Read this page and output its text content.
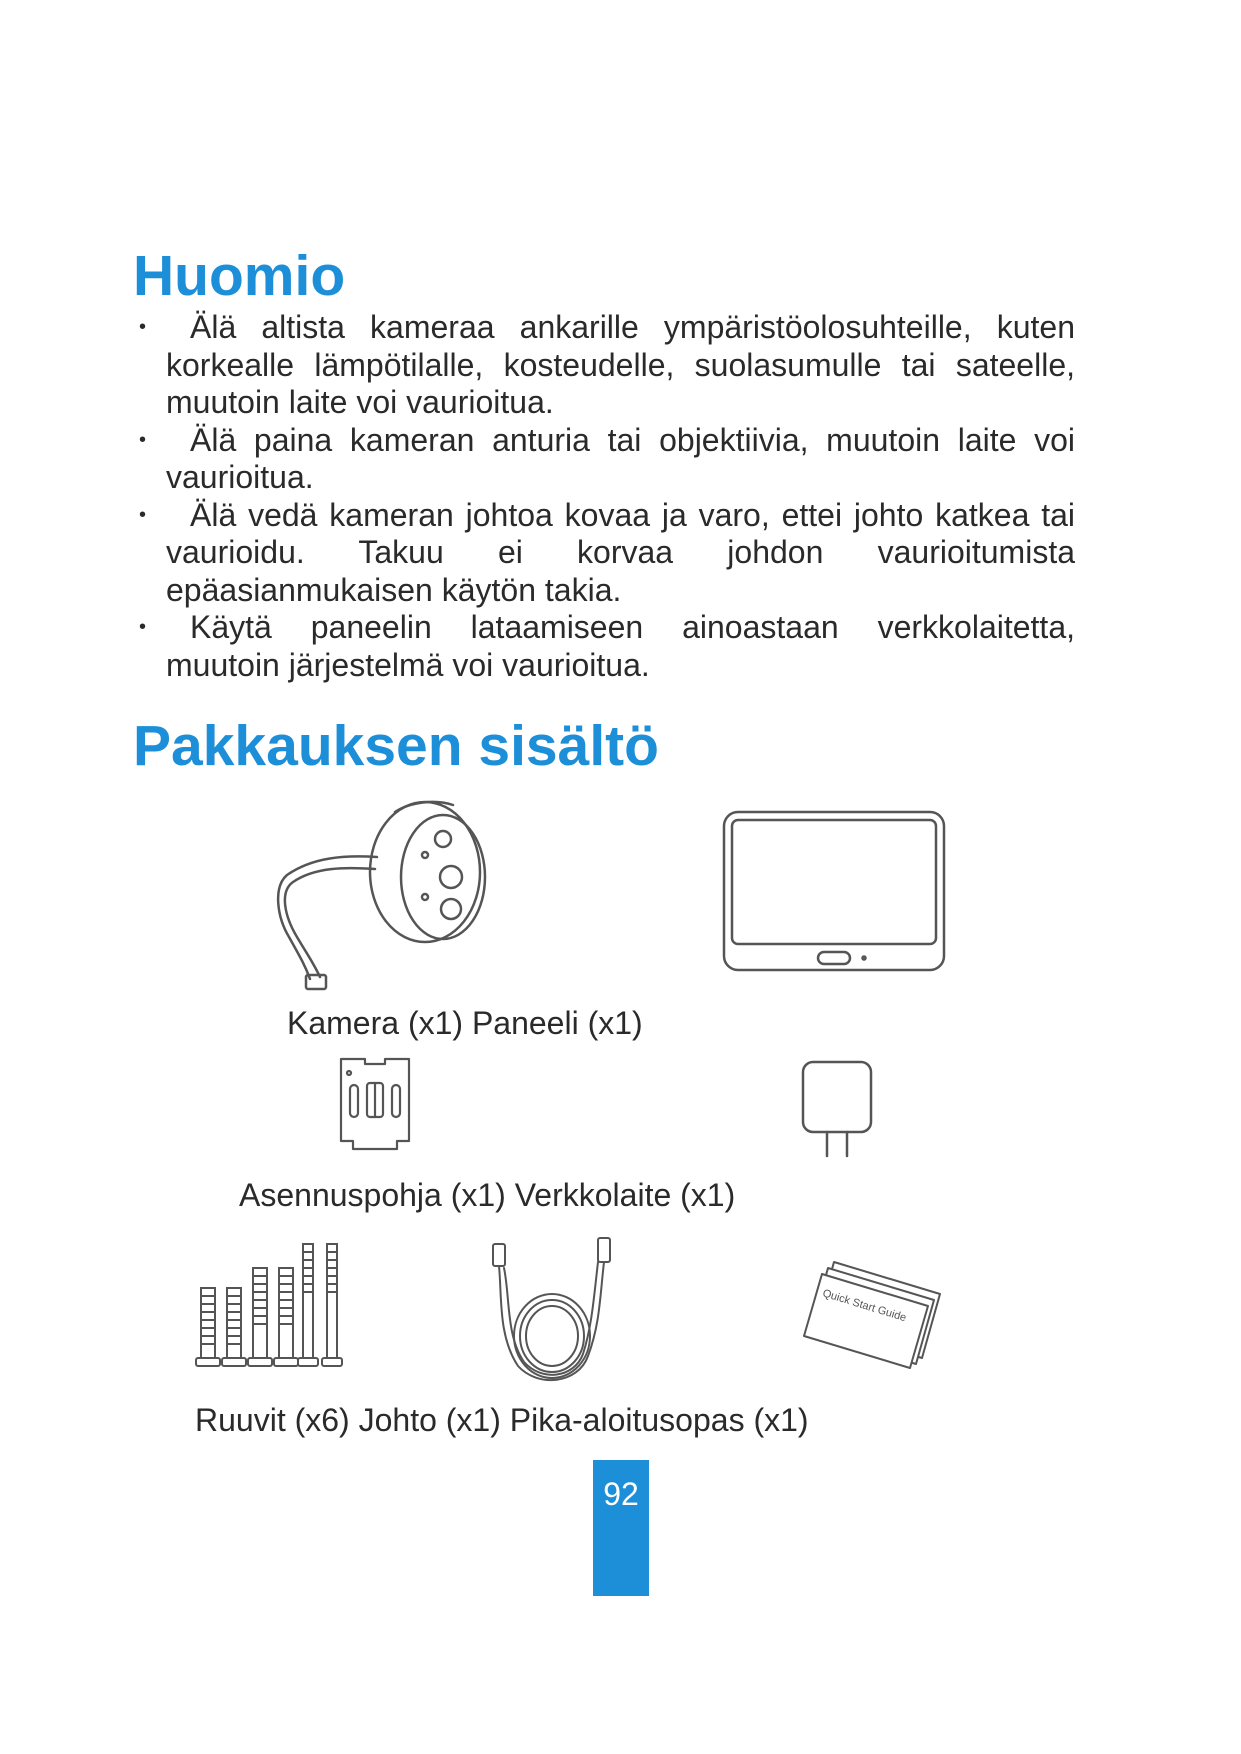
Huomio
•	Älä altista kameraa ankarille ympäristöolosuhteille, kuten korkealle lämpötilalle, kosteudelle, suolasumulle tai sateelle, muutoin laite voi vaurioitua.
•	Älä paina kameran anturia tai objektiivia, muutoin laite voi vaurioitua.
•	Älä vedä kameran johtoa kovaa ja varo, ettei johto katkea tai vaurioidu. Takuu ei korvaa johdon vaurioitumista epäasianmukaisen käytön takia.
•	Käytä paneelin lataamiseen ainoastaan verkkolaitetta, muutoin järjestelmä voi vaurioitua.
Pakkauksen sisältö
Quick Start Guide
Kamera (x1) Paneeli (x1)
Asennuspohja (x1) Verkkolaite (x1)
Ruuvit (x6) Johto (x1) Pika-aloitusopas (x1)
92
